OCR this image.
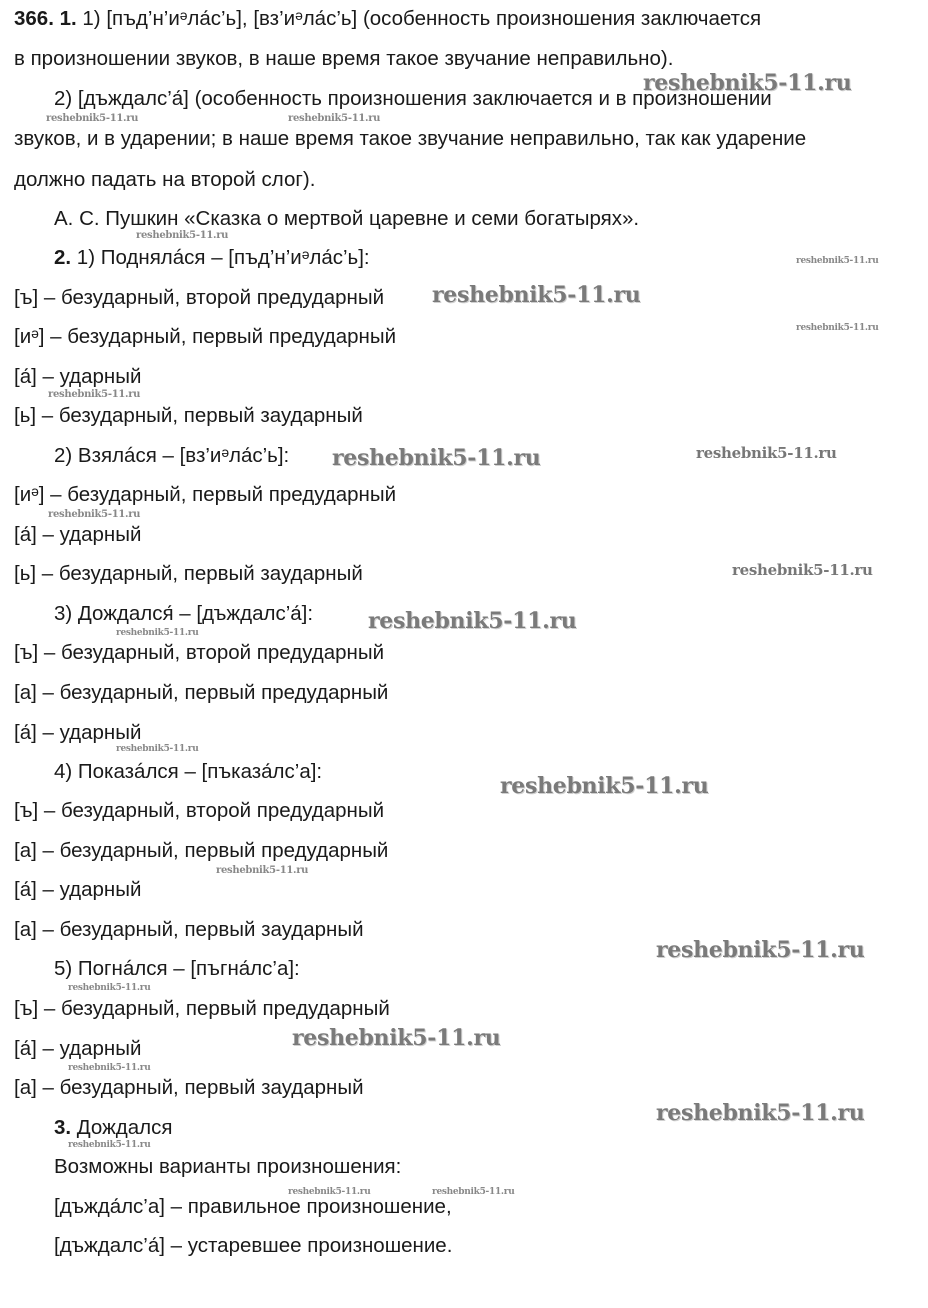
366. 1. 1) [пъд’н’иᵊла́с’ь], [вз’иᵊла́с’ь] (особенность произношения заключается
в произношении звуков, в наше время такое звучание неправильно).
2) [дъждалс’а́] (особенность произношения заключается и в произношении
звуков, и в ударении; в наше время такое звучание неправильно, так как ударение
должно падать на второй слог).
А. С. Пушкин «Сказка о мертвой царевне и семи богатырях».
2. 1) Поднялáся – [пъд’н’иᵊла́с’ь]:
[ъ] – безударный, второй предударный
[иᵊ] – безударный, первый предударный
[а́] – ударный
[ь] – безударный, первый заударный
2) Взялáся – [вз’иᵊла́с’ь]:
[иᵊ] – безударный, первый предударный
[а́] – ударный
[ь] – безударный, первый заударный
3) Дождался́ – [дъждалс’а́]:
[ъ] – безударный, второй предударный
[а] – безударный, первый предударный
[а́] – ударный
4) Показáлся – [пъказа́лс’а]:
[ъ] – безударный, второй предударный
[а] – безударный, первый предударный
[а́] – ударный
[а] – безударный, первый заударный
5) Погнáлся – [пъгна́лс’а]:
[ъ] – безударный, первый предударный
[а́] – ударный
[а] – безударный, первый заударный
3. Дождался
Возможны варианты произношения:
[дъжда́лс’а] – правильное произношение,
[дъждалс’а́] – устаревшее произношение.
reshebnik5-11.ru
reshebnik5-11.ru	reshebnik5-11.ru
reshebnik5-11.ru
reshebnik5-11.ru
reshebnik5-11.ru
reshebnik5-11.ru
reshebnik5-11.ru
reshebnik5-11.ru	reshebnik5-11.ru
reshebnik5-11.ru
reshebnik5-11.ru
reshebnik5-11.ru
reshebnik5-11.ru
reshebnik5-11.ru
reshebnik5-11.ru
reshebnik5-11.ru
reshebnik5-11.ru
reshebnik5-11.ru
reshebnik5-11.ru
reshebnik5-11.ru
reshebnik5-11.ru
reshebnik5-11.ru
reshebnik5-11.ru	reshebnik5-11.ru
